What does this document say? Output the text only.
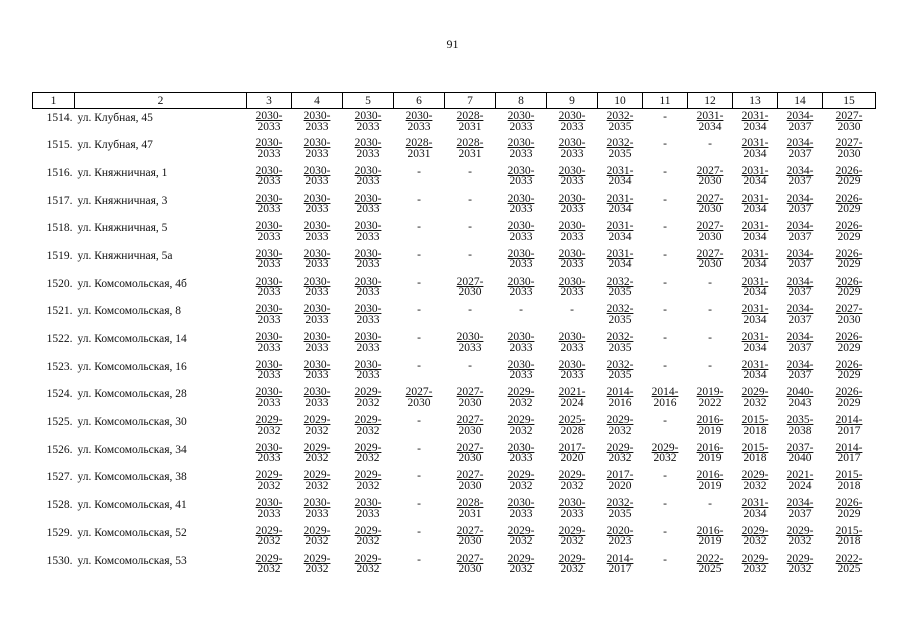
91
1	2	3	4	5	6	7	8	9	10	11	12	13	14	15
1514.	ул. Клубная, 45	$\frac{2030-}{2033}$	$\frac{2030-}{2033}$	$\frac{2030-}{2033}$	$\frac{2030-}{2033}$	$\frac{2028-}{2031}$	$\frac{2030-}{2033}$	$\frac{2030-}{2033}$	$\frac{2032-}{2035}$	-	$\frac{2031-}{2034}$	$\frac{2031-}{2034}$	$\frac{2034-}{2037}$	$\frac{2027-}{2030}$

1515.	ул. Клубная, 47	$\frac{2030-}{2033}$	$\frac{2030-}{2033}$	$\frac{2030-}{2033}$	$\frac{2028-}{2031}$	$\frac{2028-}{2031}$	$\frac{2030-}{2033}$	$\frac{2030-}{2033}$	$\frac{2032-}{2035}$	-	-	$\frac{2031-}{2034}$	$\frac{2034-}{2037}$	$\frac{2027-}{2030}$

1516.	ул. Княжничная, 1	$\frac{2030-}{2033}$	$\frac{2030-}{2033}$	$\frac{2030-}{2033}$	-	-	$\frac{2030-}{2033}$	$\frac{2030-}{2033}$	$\frac{2031-}{2034}$	-	$\frac{2027-}{2030}$	$\frac{2031-}{2034}$	$\frac{2034-}{2037}$	$\frac{2026-}{2029}$

1517.	ул. Княжничная, 3	$\frac{2030-}{2033}$	$\frac{2030-}{2033}$	$\frac{2030-}{2033}$	-	-	$\frac{2030-}{2033}$	$\frac{2030-}{2033}$	$\frac{2031-}{2034}$	-	$\frac{2027-}{2030}$	$\frac{2031-}{2034}$	$\frac{2034-}{2037}$	$\frac{2026-}{2029}$

1518.	ул. Княжничная, 5	$\frac{2030-}{2033}$	$\frac{2030-}{2033}$	$\frac{2030-}{2033}$	-	-	$\frac{2030-}{2033}$	$\frac{2030-}{2033}$	$\frac{2031-}{2034}$	-	$\frac{2027-}{2030}$	$\frac{2031-}{2034}$	$\frac{2034-}{2037}$	$\frac{2026-}{2029}$

1519.	ул. Княжничная, 5а	$\frac{2030-}{2033}$	$\frac{2030-}{2033}$	$\frac{2030-}{2033}$	-	-	$\frac{2030-}{2033}$	$\frac{2030-}{2033}$	$\frac{2031-}{2034}$	-	$\frac{2027-}{2030}$	$\frac{2031-}{2034}$	$\frac{2034-}{2037}$	$\frac{2026-}{2029}$

1520.	ул. Комсомольская, 4б	$\frac{2030-}{2033}$	$\frac{2030-}{2033}$	$\frac{2030-}{2033}$	-	$\frac{2027-}{2030}$	$\frac{2030-}{2033}$	$\frac{2030-}{2033}$	$\frac{2032-}{2035}$	-	-	$\frac{2031-}{2034}$	$\frac{2034-}{2037}$	$\frac{2026-}{2029}$

1521.	ул. Комсомольская, 8	$\frac{2030-}{2033}$	$\frac{2030-}{2033}$	$\frac{2030-}{2033}$	-	-	-	-	$\frac{2032-}{2035}$	-	-	$\frac{2031-}{2034}$	$\frac{2034-}{2037}$	$\frac{2027-}{2030}$

1522.	ул. Комсомольская, 14	$\frac{2030-}{2033}$	$\frac{2030-}{2033}$	$\frac{2030-}{2033}$	-	$\frac{2030-}{2033}$	$\frac{2030-}{2033}$	$\frac{2030-}{2033}$	$\frac{2032-}{2035}$	-	-	$\frac{2031-}{2034}$	$\frac{2034-}{2037}$	$\frac{2026-}{2029}$

1523.	ул. Комсомольская, 16	$\frac{2030-}{2033}$	$\frac{2030-}{2033}$	$\frac{2030-}{2033}$	-	-	$\frac{2030-}{2033}$	$\frac{2030-}{2033}$	$\frac{2032-}{2035}$	-	-	$\frac{2031-}{2034}$	$\frac{2034-}{2037}$	$\frac{2026-}{2029}$

1524.	ул. Комсомольская, 28	$\frac{2030-}{2033}$	$\frac{2030-}{2033}$	$\frac{2029-}{2032}$	$\frac{2027-}{2030}$	$\frac{2027-}{2030}$	$\frac{2029-}{2032}$	$\frac{2021-}{2024}$	$\frac{2014-}{2016}$	$\frac{2014-}{2016}$	$\frac{2019-}{2022}$	$\frac{2029-}{2032}$	$\frac{2040-}{2043}$	$\frac{2026-}{2029}$

1525.	ул. Комсомольская, 30	$\frac{2029-}{2032}$	$\frac{2029-}{2032}$	$\frac{2029-}{2032}$	-	$\frac{2027-}{2030}$	$\frac{2029-}{2032}$	$\frac{2025-}{2028}$	$\frac{2029-}{2032}$	-	$\frac{2016-}{2019}$	$\frac{2015-}{2018}$	$\frac{2035-}{2038}$	$\frac{2014-}{2017}$

1526.	ул. Комсомольская, 34	$\frac{2030-}{2033}$	$\frac{2029-}{2032}$	$\frac{2029-}{2032}$	-	$\frac{2027-}{2030}$	$\frac{2030-}{2033}$	$\frac{2017-}{2020}$	$\frac{2029-}{2032}$	$\frac{2029-}{2032}$	$\frac{2016-}{2019}$	$\frac{2015-}{2018}$	$\frac{2037-}{2040}$	$\frac{2014-}{2017}$

1527.	ул. Комсомольская, 38	$\frac{2029-}{2032}$	$\frac{2029-}{2032}$	$\frac{2029-}{2032}$	-	$\frac{2027-}{2030}$	$\frac{2029-}{2032}$	$\frac{2029-}{2032}$	$\frac{2017-}{2020}$	-	$\frac{2016-}{2019}$	$\frac{2029-}{2032}$	$\frac{2021-}{2024}$	$\frac{2015-}{2018}$

1528.	ул. Комсомольская, 41	$\frac{2030-}{2033}$	$\frac{2030-}{2033}$	$\frac{2030-}{2033}$	-	$\frac{2028-}{2031}$	$\frac{2030-}{2033}$	$\frac{2030-}{2033}$	$\frac{2032-}{2035}$	-	-	$\frac{2031-}{2034}$	$\frac{2034-}{2037}$	$\frac{2026-}{2029}$

1529.	ул. Комсомольская, 52	$\frac{2029-}{2032}$	$\frac{2029-}{2032}$	$\frac{2029-}{2032}$	-	$\frac{2027-}{2030}$	$\frac{2029-}{2032}$	$\frac{2029-}{2032}$	$\frac{2020-}{2023}$	-	$\frac{2016-}{2019}$	$\frac{2029-}{2032}$	$\frac{2029-}{2032}$	$\frac{2015-}{2018}$

1530.	ул. Комсомольская, 53	$\frac{2029-}{2032}$	$\frac{2029-}{2032}$	$\frac{2029-}{2032}$	-	$\frac{2027-}{2030}$	$\frac{2029-}{2032}$	$\frac{2029-}{2032}$	$\frac{2014-}{2017}$	-	$\frac{2022-}{2025}$	$\frac{2029-}{2032}$	$\frac{2029-}{2032}$	$\frac{2022-}{2025}$
